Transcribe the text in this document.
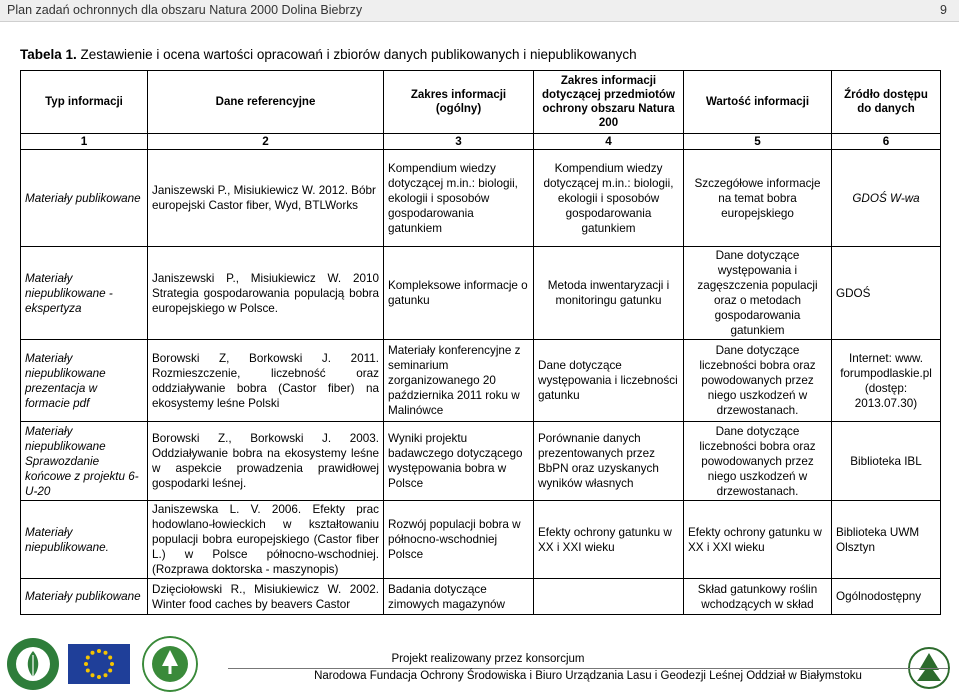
Plan zadań ochronnych dla obszaru Natura 2000 Dolina Biebrzy	9
Tabela 1. Zestawienie i ocena wartości opracowań i zbiorów danych publikowanych i niepublikowanych
Typ informacji	Dane referencyjne	Zakres informacji (ogólny)	Zakres informacji dotyczącej przedmiotów ochrony obszaru Natura 200	Wartość informacji	Źródło dostępu do danych
1	2	3	4	5	6
Materiały publikowane	Janiszewski P., Misiukiewicz W. 2012. Bóbr europejski Castor fiber, Wyd, BTLWorks	Kompendium wiedzy dotyczącej m.in.: biologii, ekologii i sposobów gospodarowania gatunkiem	Kompendium wiedzy dotyczącej m.in.: biologii, ekologii i sposobów gospodarowania gatunkiem	Szczegółowe informacje na temat bobra europejskiego	GDOŚ W-wa
Materiały niepublikowane - ekspertyza	Janiszewski P., Misiukiewicz W. 2010 Strategia gospodarowania populacją bobra europejskiego w Polsce.	Kompleksowe informacje o gatunku	Metoda inwentaryzacji i monitoringu gatunku	Dane dotyczące występowania i zagęszczenia populacji oraz o metodach gospodarowania gatunkiem	GDOŚ
Materiały niepublikowane prezentacja w formacie pdf	Borowski Z, Borkowski J. 2011. Rozmieszczenie, liczebność oraz oddziaływanie bobra (Castor fiber) na ekosystemy leśne Polski	Materiały konferencyjne z seminarium zorganizowanego 20 października 2011 roku w Malinówce	Dane dotyczące występowania i liczebności gatunku	Dane dotyczące liczebności bobra oraz powodowanych przez niego uszkodzeń w drzewostanach.	Internet: www. forumpodlaskie.pl (dostęp: 2013.07.30)
Materiały niepublikowane Sprawozdanie końcowe z projektu 6-U-20	Borowski Z., Borkowski J. 2003. Oddziaływanie bobra na ekosystemy leśne w aspekcie prowadzenia prawidłowej gospodarki leśnej.	Wyniki projektu badawczego dotyczącego występowania bobra w Polsce	Porównanie danych prezentowanych przez BbPN oraz uzyskanych wyników własnych	Dane dotyczące liczebności bobra oraz powodowanych przez niego uszkodzeń w drzewostanach.	Biblioteka IBL
Materiały niepublikowane.	Janiszewska L. V. 2006. Efekty prac hodowlano-łowieckich w kształtowaniu populacji bobra europejskiego (Castor fiber L.) w Polsce północno-wschodniej. (Rozprawa doktorska - maszynopis)	Rozwój populacji bobra w północno-wschodniej Polsce	Efekty ochrony gatunku w XX i XXI wieku	Efekty ochrony gatunku w XX i XXI wieku	Biblioteka UWM Olsztyn
Materiały publikowane	Dzięciołowski R., Misiukiewicz W. 2002. Winter food caches by beavers Castor	Badania dotyczące zimowych magazynów		Skład gatunkowy roślin wchodzących w skład	Ogólnodostępny
Projekt realizowany przez konsorcjum
Narodowa Fundacja Ochrony Środowiska i Biuro Urządzania Lasu i Geodezji Leśnej Oddział w Białymstoku
